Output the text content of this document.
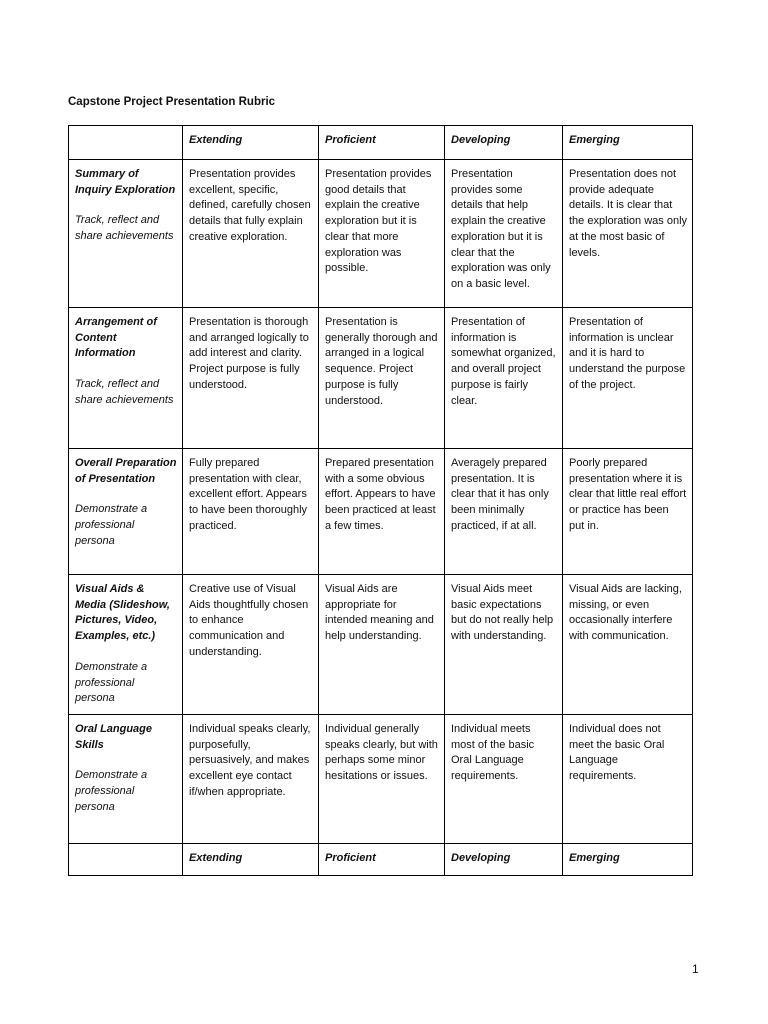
Capstone Project Presentation Rubric
	Extending	Proficient	Developing	Emerging

Summary of Inquiry Exploration
Track, reflect and share achievements	Presentation provides excellent, specific, defined, carefully chosen details that fully explain creative exploration.	Presentation provides good details that explain the creative exploration but it is clear that more exploration was possible.	Presentation provides some details that help explain the creative exploration but it is clear that the exploration was only on a basic level.	Presentation does not provide adequate details. It is clear that the exploration was only at the most basic of levels.

Arrangement of Content Information
Track, reflect and share achievements	Presentation is thorough and arranged logically to add interest and clarity. Project purpose is fully understood.	Presentation is generally thorough and arranged in a logical sequence. Project purpose is fully understood.	Presentation of information is somewhat organized, and overall project purpose is fairly clear.	Presentation of information is unclear and it is hard to understand the purpose of the project.

Overall Preparation of Presentation
Demonstrate a professional persona	Fully prepared presentation with clear, excellent effort. Appears to have been thoroughly practiced.	Prepared presentation with a some obvious effort. Appears to have been practiced at least a few times.	Averagely prepared presentation. It is clear that it has only been minimally practiced, if at all.	Poorly prepared presentation where it is clear that little real effort or practice has been put in.

Visual Aids & Media (Slideshow, Pictures, Video, Examples, etc.)
Demonstrate a professional persona	Creative use of Visual Aids thoughtfully chosen to enhance communication and understanding.	Visual Aids are appropriate for intended meaning and help understanding.	Visual Aids meet basic expectations but do not really help with understanding.	Visual Aids are lacking, missing, or even occasionally interfere with communication.

Oral Language Skills
Demonstrate a professional persona	Individual speaks clearly, purposefully, persuasively, and makes excellent eye contact if/when appropriate.	Individual generally speaks clearly, but with perhaps some minor hesitations or issues.	Individual meets most of the basic Oral Language requirements.	Individual does not meet the basic Oral Language requirements.
	Extending	Proficient	Developing	Emerging
1
